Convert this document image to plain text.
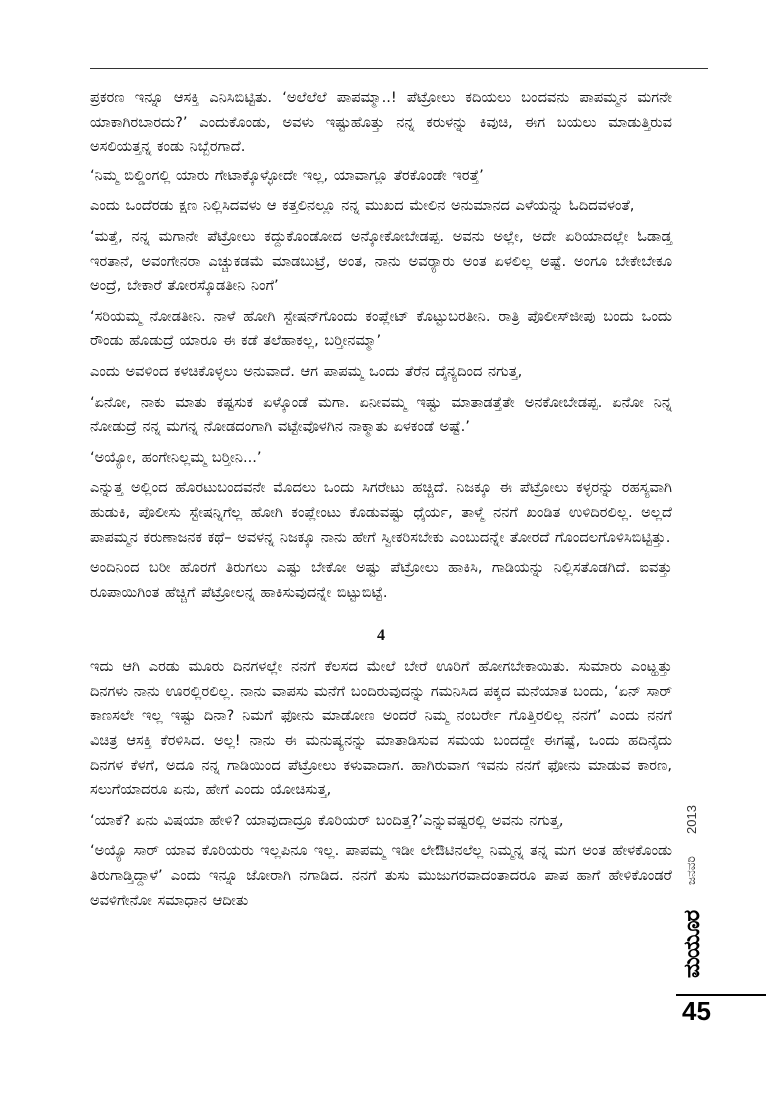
ಪ್ರಕರಣ ಇನ್ನೂ ಆಸಕ್ತಿ ಎನಿಸಿಬಿಟ್ಟಿತು. ‘ಅಲೆಲೆಲೆ ಪಾಪಮ್ಮಾ..! ಪೆಟ್ರೋಲು ಕದಿಯಲು ಬಂದವನು ಪಾಪಮ್ಮನ ಮಗನೇ ಯಾಕಾಗಿರಬಾರದು?’ ಎಂದುಕೊಂಡು, ಅವಳು ಇಷ್ಟುಹೊತ್ತು ನನ್ನ ಕರುಳನ್ನು ಕಿವುಚಿ, ಈಗ ಬಯಲು ಮಾಡುತ್ತಿರುವ ಅಸಲಿಯತ್ತನ್ನ ಕಂಡು ನಿಬ್ಬೆರಗಾದೆ.

‘ನಿಮ್ಮ ಬಿಲ್ಡಿಂಗಲ್ಲಿ ಯಾರು ಗೇಟಾಕ್ಕೊಳ್ಳೋದೇ ಇಲ್ಲ, ಯಾವಾಗ್ಲೂ ತೆರಕೊಂಡೇ ಇರತ್ತೆ’

ಎಂದು ಒಂದೆರಡು ಕ್ಷಣ ನಿಲ್ಲಿಸಿದವಳು ಆ ಕತ್ತಲಿನಲ್ಲೂ ನನ್ನ ಮುಖದ ಮೇಲಿನ ಅನುಮಾನದ ಎಳೆಯನ್ನು ಓದಿದವಳಂತೆ,

‘ಮತ್ತೆ, ನನ್ನ ಮಗಾನೇ ಪೆಟ್ರೋಲು ಕದ್ದುಕೊಂಡೋದ ಅನ್ಕೋಕೋಬೇಡಪ್ಪ. ಅವನು ಅಲ್ಲೇ, ಅದೇ ಏರಿಯಾದಲ್ಲೇ ಓಡಾಡ್ತ ಇರತಾನೆ, ಅವಂಗೇನರಾ ಎಚ್ಚುಕಡಮೆ ಮಾಡಬುಟ್ರೆ, ಅಂತ, ನಾನು ಅವರ್‍ಯಾರು ಅಂತ ಏಳಲಿಲ್ಲ ಅಷ್ಟೆ. ಅಂಗೂ ಬೇಕೇಬೇಕೂ ಅಂದ್ರೆ, ಬೇಕಾರೆ ತೋರಸ್ಕೊಡತೀನಿ ನಿಂಗೆ’

‘ಸರಿಯಮ್ಮ ನೋಡತೀನಿ. ನಾಳೆ ಹೋಗಿ ಸ್ಟೇಷನ್‍ಗೊಂದು ಕಂಪ್ಲೇಟ್ ಕೊಟ್ಟುಬರತೀನಿ. ರಾತ್ರಿ ಪೊಲೀಸ್‍ಜೀಪು ಬಂದು ಒಂದು ರೌಂಡು ಹೊಡುದ್ರೆ ಯಾರೂ ಈ ಕಡೆ ತಲೆಹಾಕಲ್ಲ, ಬರ್‍ತೀನಮ್ಮಾ’

ಎಂದು ಅವಳಿಂದ ಕಳಚಿಕೊಳ್ಳಲು ಅನುವಾದೆ. ಆಗ ಪಾಪಮ್ಮ ಒಂದು ತೆರೆನ ದೈನ್ಯದಿಂದ ನಗುತ್ತ,

‘ಏನೋ, ನಾಕು ಮಾತು ಕಷ್ಟಸುಕ ಏಳ್ಕೊಂಡೆ ಮಗಾ. ಏನೀವಮ್ಮ ಇಷ್ಟು ಮಾತಾಡತ್ತೆತೇ ಅನಕೋಬೇಡಪ್ಪ. ಏನೋ ನಿನ್ನ ನೋಡುದ್ರೆ ನನ್ನ ಮಗನ್ನ ನೋಡದಂಗಾಗಿ ವಟ್ಟೇವೊಳಗಿನ ನಾಕ್ಮಾತು ಏಳಕಂಡೆ ಅಷ್ಟೆ.’

‘ಅಯ್ಯೋ, ಹಂಗೇನಿಲ್ಲಮ್ಮ ಬರ್‍ತೀನಿ...’

ಎನ್ನುತ್ತ ಅಲ್ಲಿಂದ ಹೊರಟುಬಂದವನೇ ಮೊದಲು ಒಂದು ಸಿಗರೇಟು ಹಚ್ಚಿದೆ. ನಿಜಕ್ಕೂ ಈ ಪೆಟ್ರೋಲು ಕಳ್ಳರನ್ನು ರಹಸ್ಯವಾಗಿ ಹುಡುಕಿ, ಪೊಲೀಸು ಸ್ಟೇಷನ್ನಿಗೆಲ್ಲ ಹೋಗಿ ಕಂಪ್ಲೇಂಟು ಕೊಡುವಷ್ಟು ಧೈರ್ಯ, ತಾಳ್ಮೆ ನನಗೆ ಖಂಡಿತ ಉಳಿದಿರಲಿಲ್ಲ. ಅಲ್ಲದೆ ಪಾಪಮ್ಮನ ಕರುಣಾಜನಕ ಕಥೆ– ಅವಳನ್ನ ನಿಜಕ್ಕೂ ನಾನು ಹೇಗೆ ಸ್ವೀಕರಿಸಬೇಕು ಎಂಬುದನ್ನೇ ತೋರದೆ ಗೊಂದಲಗೊಳಿಸಿಬಿಟ್ಟಿತ್ತು.

ಅಂದಿನಿಂದ ಬರೀ ಹೊರಗೆ ತಿರುಗಲು ಎಷ್ಟು ಬೇಕೋ ಅಷ್ಟು ಪೆಟ್ರೋಲು ಹಾಕಿಸಿ, ಗಾಡಿಯನ್ನು ನಿಲ್ಲಿಸತೊಡಗಿದೆ. ಐವತ್ತು ರೂಪಾಯಿಗಿಂತ ಹೆಚ್ಚಿಗೆ ಪೆಟ್ರೋಲನ್ನ ಹಾಕಿಸುವುದನ್ನೇ ಬಿಟ್ಟುಬಿಟ್ಟೆ.

4

ಇದು ಆಗಿ ಎರಡು ಮೂರು ದಿನಗಳಲ್ಲೇ ನನಗೆ ಕೆಲಸದ ಮೇಲೆ ಬೇರೆ ಊರಿಗೆ ಹೋಗಬೇಕಾಯಿತು. ಸುಮಾರು ಎಂಟ್ಹತ್ತು ದಿನಗಳು ನಾನು ಊರಲ್ಲಿರಲಿಲ್ಲ. ನಾನು ವಾಪಸು ಮನೆಗೆ ಬಂದಿರುವುದನ್ನು ಗಮನಿಸಿದ ಪಕ್ಕದ ಮನೆಯಾತ ಬಂದು, ‘ಏನ್ ಸಾರ್ ಕಾಣಸಲೇ ಇಲ್ಲ ಇಷ್ಟು ದಿನಾ? ನಿಮಗೆ ಫೋನು ಮಾಡೋಣ ಅಂದರೆ ನಿಮ್ಮ ನಂಬರ್ರೇ ಗೊತ್ತಿರಲಿಲ್ಲ ನನಗೆ’ ಎಂದು ನನಗೆ ವಿಚಿತ್ರ ಆಸಕ್ತಿ ಕೆರಳಿಸಿದ. ಅಲ್ಲ! ನಾನು ಈ ಮನುಷ್ಯನನ್ನು ಮಾತಾಡಿಸುವ ಸಮಯ ಬಂದದ್ದೇ ಈಗಷ್ಟೆ, ಒಂದು ಹದಿನೈದು ದಿನಗಳ ಕೆಳಗೆ, ಅದೂ ನನ್ನ ಗಾಡಿಯಿಂದ ಪೆಟ್ರೋಲು ಕಳುವಾದಾಗ. ಹಾಗಿರುವಾಗ ಇವನು ನನಗೆ ಫೋನು ಮಾಡುವ ಕಾರಣ, ಸಲುಗೆಯಾದರೂ ಏನು, ಹೇಗೆ ಎಂದು ಯೋಚಿಸುತ್ತ,

‘ಯಾಕೆ? ಏನು ವಿಷಯಾ ಹೇಳಿ? ಯಾವುದಾದ್ರೂ ಕೊರಿಯರ್ ಬಂದಿತ್ತ?’ಎನ್ನುವಷ್ಟರಲ್ಲಿ ಅವನು ನಗುತ್ತ,

‘ಅಯ್ಯೊ ಸಾರ್ ಯಾವ ಕೊರಿಯರು ಇಲ್ಲಪಿನೂ ಇಲ್ಲ. ಪಾಪಮ್ಮ ಇಡೀ ಲೇಔಟಿನಲೆಲ್ಲ ನಿಮ್ಮನ್ನ ತನ್ನ ಮಗ ಅಂತ ಹೇಳಕೊಂಡು ತಿರುಗಾಡ್ತಿದ್ದಾಳೆ’ ಎಂದು ಇನ್ನೂ ಜೋರಾಗಿ ನಗಾಡಿದ. ನನಗೆ ತುಸು ಮುಜುಗರವಾದಂತಾದರೂ ಪಾಪ ಹಾಗೆ ಹೇಳಿಕೊಂಡರೆ ಅವಳಿಗೇನೋ ಸಮಾಧಾನ ಆದೀತು

2013
ಜನವರಿ
ಮಯೂರ
45
